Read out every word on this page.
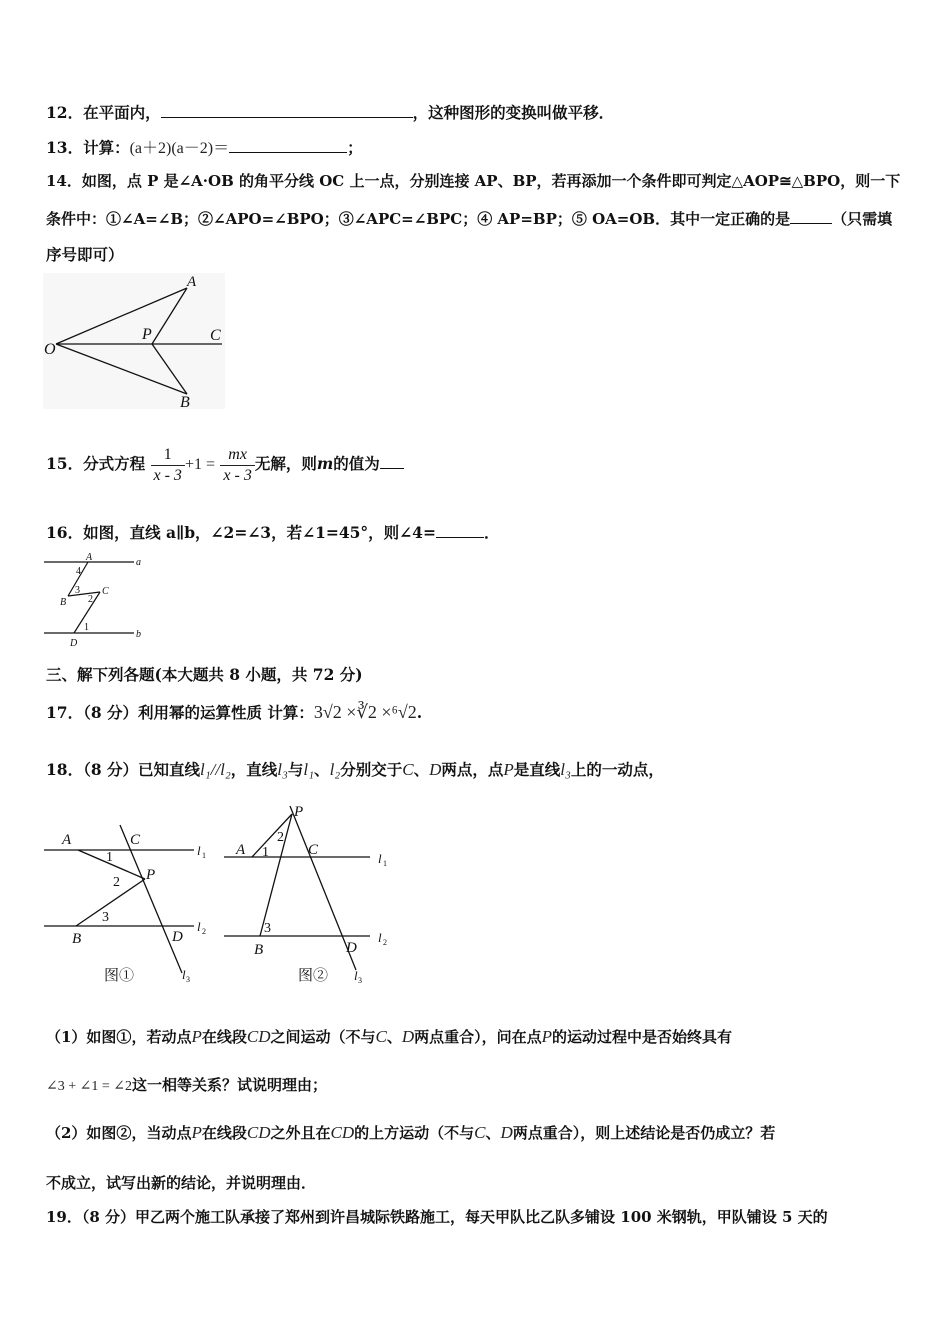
12．在平面内，	，这种图形的变换叫做平移．
13．计算：(a＋2)(a－2)＝	；
14．如图，点 P 是∠A·OB 的角平分线 OC 上一点，分别连接 AP、BP，若再添加一个条件即可判定△AOP≅△BPO，则一下
条件中：①∠A=∠B；②∠APO=∠BPO；③∠APC=∠BPC；④ AP=BP；⑤ OA=OB．其中一定正确的是	（只需填
序号即可）
A
O
P	C
B
15．分式方程 $\frac{1}{x - 3} +1 = \frac{mx}{x - 3}$ 无解，则m的值为
16．如图，直线 a∥b，∠2=∠3，若∠1=45°，则∠4=	．
A	a
4
3
B 2
C
1
D
b
三、解下列各题(本大题共 8 小题，共 72 分)
17．（8 分）利用幂的运算性质 计算：3√2 ×∛2 ×⁶√2.
18．（8 分）已知直线l₁//l₂，直线l₃与l₁、l₂分别交于C、D两点，点P是直线l₃上的一动点，
A	C
l 1
1
2 P
3
l 2
B	D
图①	l 3
P
2
A 1	C
l 1
3
l 2
B	D
图② l 3
（1）如图①，若动点P在线段CD之间运动（不与C、D两点重合），问在点P的运动过程中是否始终具有
∠3 + ∠1 = ∠2这一相等关系？试说明理由；
（2）如图②，当动点P在线段CD之外且在CD的上方运动（不与C、D两点重合），则上述结论是否仍成立？若
不成立，试写出新的结论，并说明理由．
19．（8 分）甲乙两个施工队承接了郑州到许昌城际铁路施工，每天甲队比乙队多铺设 100 米钢轨，甲队铺设 5 天的
